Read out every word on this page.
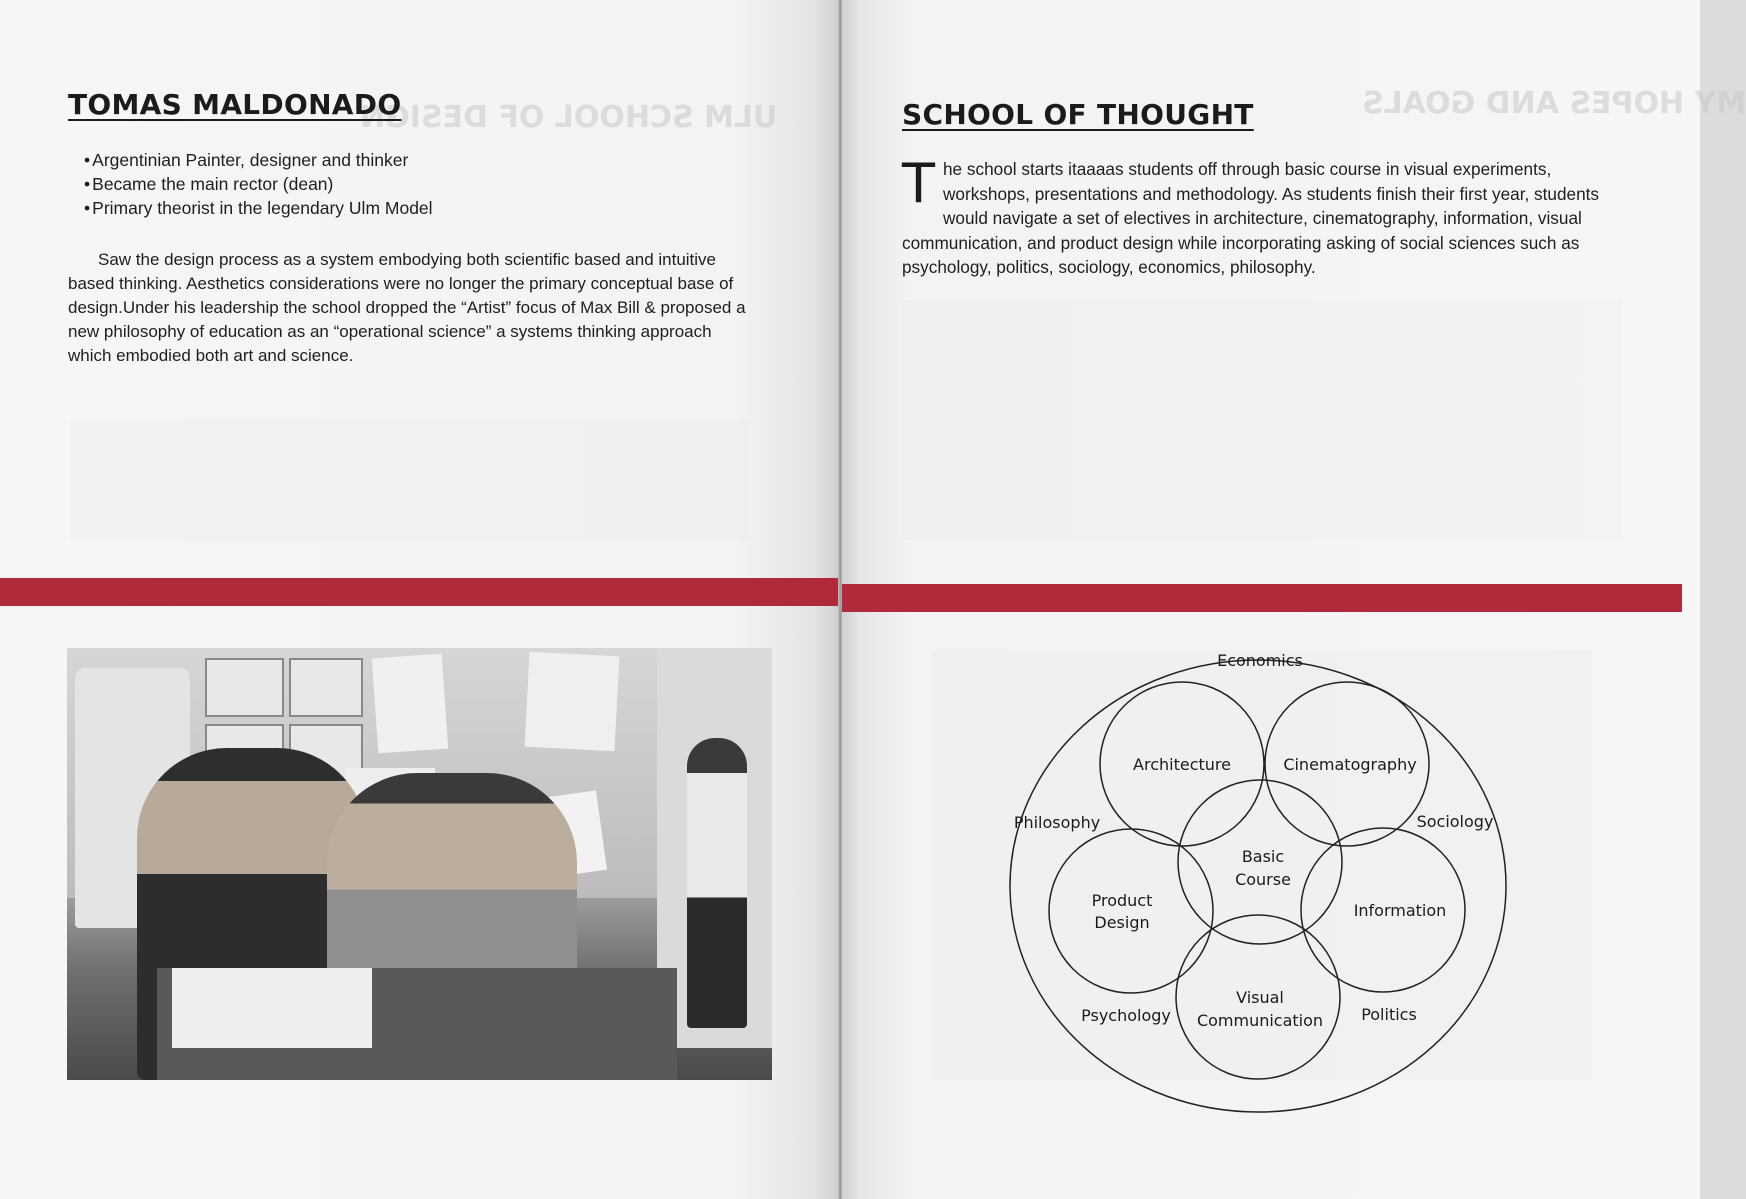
ULM SCHOOL OF DESIGN
TOMAS MALDONADO
• Argentinian Painter, designer and thinker
• Became the main rector (dean)
• Primary theorist in the legendary Ulm Model

Saw the design process as a system embodying both scientific based and intuitive based thinking. Aesthetics considerations were no longer the primary conceptual base of design.Under his leadership the school dropped the “Artist” focus of Max Bill & proposed a new philosophy of education as an “operational science” a systems thinking approach which embodied both art and science.

MY HOPES AND GOALS
SCHOOL OF THOUGHT

The school starts itaaaas students off through basic course in visual experiments, workshops, presentations and methodology. As students finish their first year, students would navigate a set of electives in architecture, cinematography, information, visual communication, and product design while incorporating asking of social sciences such as psychology, politics, sociology, economics, philosophy.

Economics
Architecture	Cinematography
Philosophy	Sociology
Basic
Course
Product
Design
Information
Visual
Communication
Psychology	Politics
